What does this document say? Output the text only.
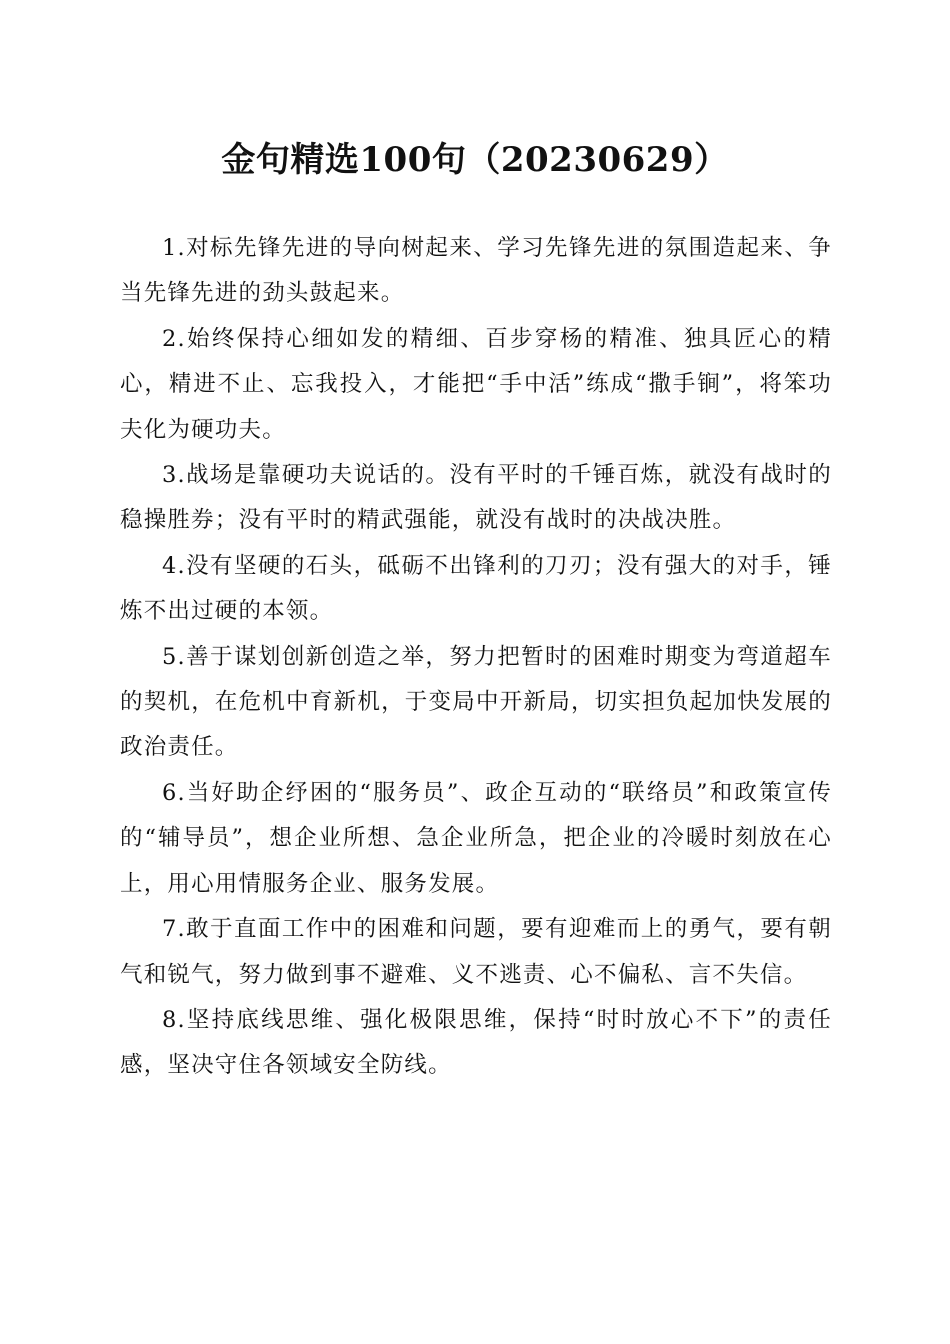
金句精选100句（20230629）

1.对标先锋先进的导向树起来、学习先锋先进的氛围造起来、争当先锋先进的劲头鼓起来。

2.始终保持心细如发的精细、百步穿杨的精准、独具匠心的精心，精进不止、忘我投入，才能把“手中活”练成“撒手锏”，将笨功夫化为硬功夫。

3.战场是靠硬功夫说话的。没有平时的千锤百炼，就没有战时的稳操胜券；没有平时的精武强能，就没有战时的决战决胜。

4.没有坚硬的石头，砥砺不出锋利的刀刃；没有强大的对手，锤炼不出过硬的本领。

5.善于谋划创新创造之举，努力把暂时的困难时期变为弯道超车的契机，在危机中育新机，于变局中开新局，切实担负起加快发展的政治责任。

6.当好助企纾困的“服务员”、政企互动的“联络员”和政策宣传的“辅导员”，想企业所想、急企业所急，把企业的冷暖时刻放在心上，用心用情服务企业、服务发展。

7.敢于直面工作中的困难和问题，要有迎难而上的勇气，要有朝气和锐气，努力做到事不避难、义不逃责、心不偏私、言不失信。

8.坚持底线思维、强化极限思维，保持“时时放心不下”的责任感，坚决守住各领域安全防线。
